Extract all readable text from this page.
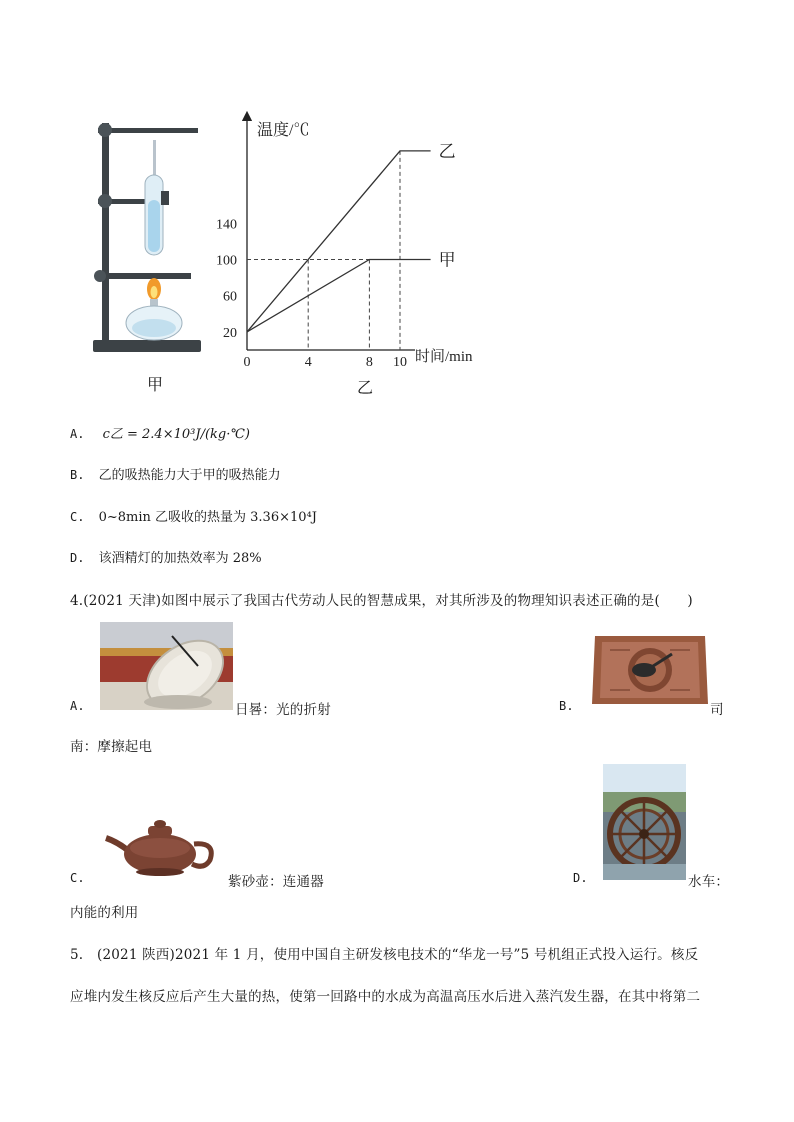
甲
乙
甲
0	4	8 10
20
60
100
140
温度/℃
时间/min
乙
A. c乙 = 2.4×10³J/(kg·℃)
B. 乙的吸热能力大于甲的吸热能力
C. 0~8min 乙吸收的热量为 3.36×10⁴J
D. 该酒精灯的加热效率为 28%
4.(2021 天津)如图中展示了我国古代劳动人民的智慧成果，对其所涉及的物理知识表述正确的是(　　)
A.	日晷：光的折射	B.	司
南：摩擦起电
C.	紫砂壶：连通器	D.	水车：
内能的利用
5.　(2021 陕西)2021 年 1 月，使用中国自主研发核电技术的“华龙一号”5 号机组正式投入运行。核反
应堆内发生核反应后产生大量的热，使第一回路中的水成为高温高压水后进入蒸汽发生器，在其中将第二
